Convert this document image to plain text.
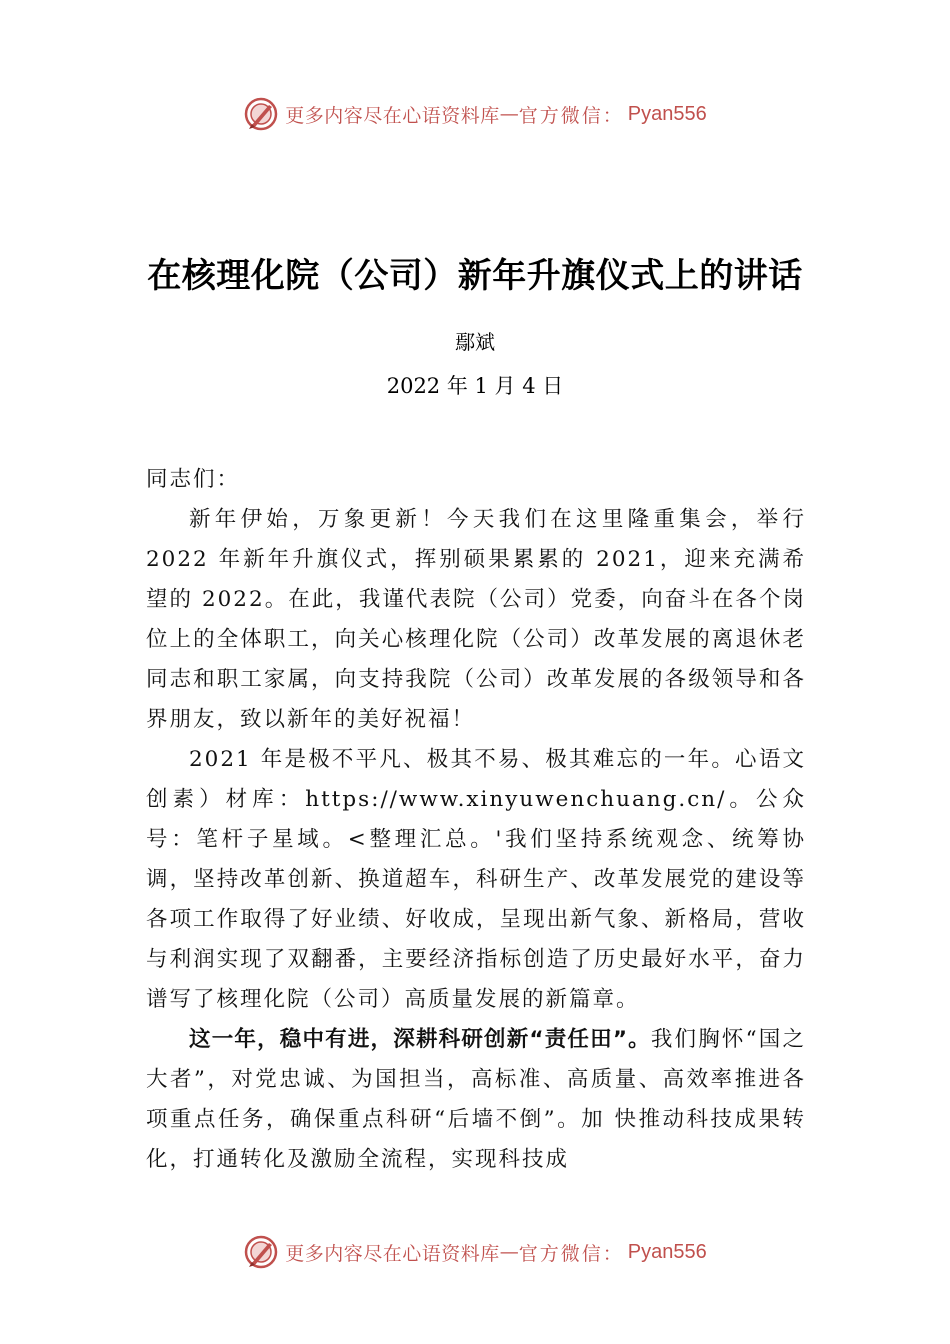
更多内容尽在心语资料库 — 官方微信： Pyan556
在核理化院（公司）新年升旗仪式上的讲话
鄢斌
2022 年 1 月 4 日

同志们：

新年伊始，万象更新！今天我们在这里隆重集会，举行 2022 年新年升旗仪式，挥别硕果累累的 2021，迎来充满希望的 2022。在此，我谨代表院（公司）党委，向奋斗在各个岗位上的全体职工，向关心核理化院（公司）改革发展的离退休老同志和职工家属，向支持我院（公司）改革发展的各级领导和各界朋友，致以新年的美好祝福！

2021 年是极不平凡、极其不易、极其难忘的一年。心语文创素）材库：https://www.xinyuwenchuang.cn/。公众号：笔杆子星域。<整理汇总。'我们坚持系统观念、统筹协调，坚持改革创新、换道超车，科研生产、改革发展党的建设等各项工作取得了好业绩、好收成，呈现出新气象、新格局，营收与利润实现了双翻番，主要经济指标创造了历史最好水平，奋力谱写了核理化院（公司）高质量发展的新篇章。

这一年，稳中有进，深耕科研创新“责任田”。我们胸怀“国之大者”，对党忠诚、为国担当，高标准、高质量、高效率推进各项重点任务，确保重点科研“后墙不倒”。加 快推动科技成果转化，打通转化及激励全流程，实现科技成

更多内容尽在心语资料库 — 官方微信： Pyan556
